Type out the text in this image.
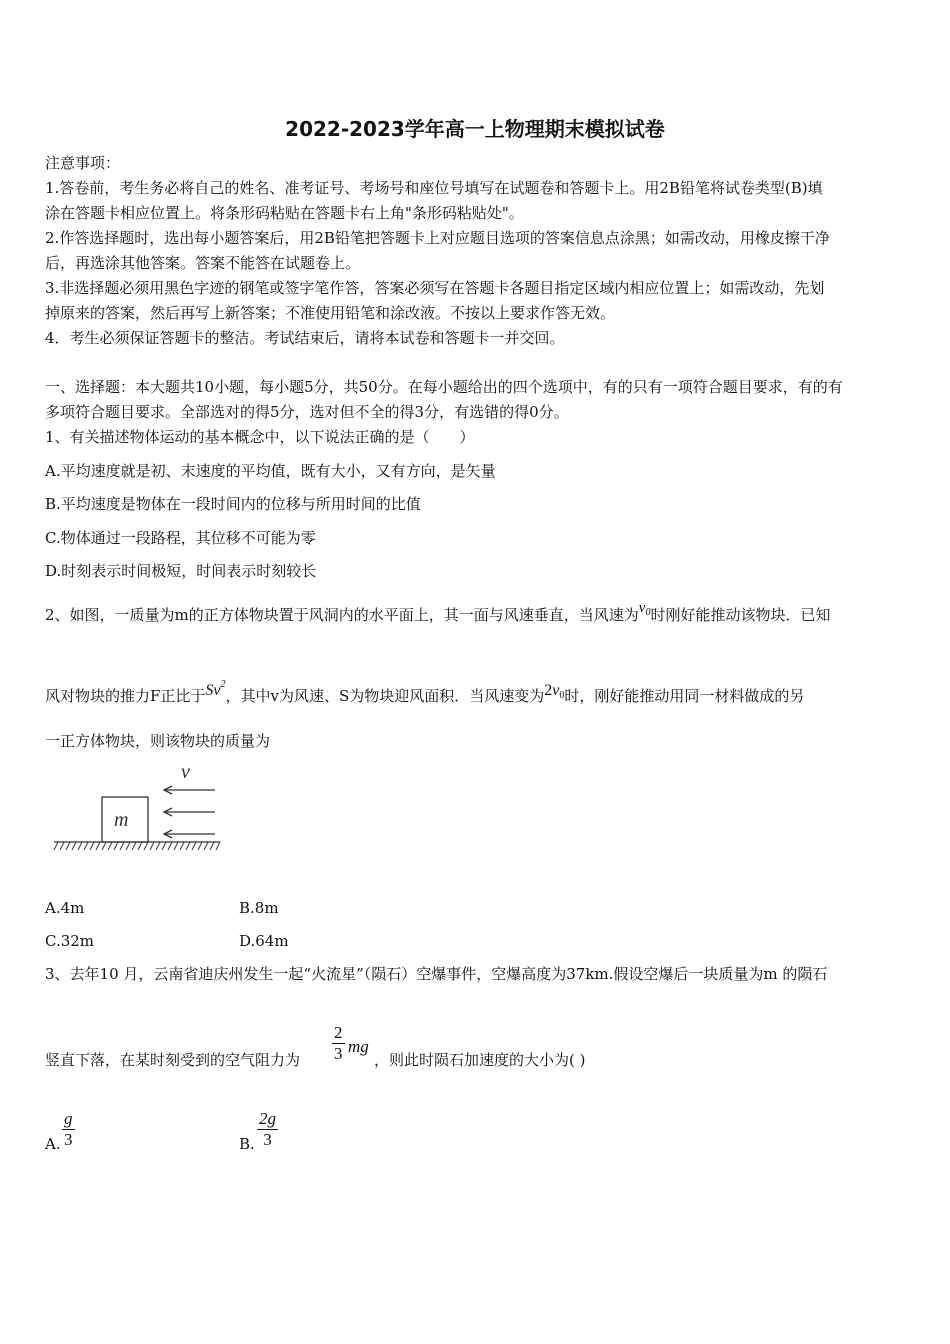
2022-2023学年高一上物理期末模拟试卷
注意事项：
1.答卷前，考生务必将自己的姓名、准考证号、考场号和座位号填写在试题卷和答题卡上。用2B铅笔将试卷类型(B)填
涂在答题卡相应位置上。将条形码粘贴在答题卡右上角"条形码粘贴处"。
2.作答选择题时，选出每小题答案后，用2B铅笔把答题卡上对应题目选项的答案信息点涂黑；如需改动，用橡皮擦干净
后，再选涂其他答案。答案不能答在试题卷上。
3.非选择题必须用黑色字迹的钢笔或签字笔作答，答案必须写在答题卡各题目指定区域内相应位置上；如需改动，先划
掉原来的答案，然后再写上新答案；不准使用铅笔和涂改液。不按以上要求作答无效。
4．考生必须保证答题卡的整洁。考试结束后，请将本试卷和答题卡一并交回。
一、选择题：本大题共10小题，每小题5分，共50分。在每小题给出的四个选项中，有的只有一项符合题目要求，有的有
多项符合题目要求。全部选对的得5分，选对但不全的得3分，有选错的得0分。
1、有关描述物体运动的基本概念中，以下说法正确的是（　　）
A.平均速度就是初、末速度的平均值，既有大小，又有方向，是矢量
B.平均速度是物体在一段时间内的位移与所用时间的比值
C.物体通过一段路程，其位移不可能为零
D.时刻表示时间极短，时间表示时刻较长
2、如图，一质量为m的正方体物块置于风洞内的水平面上，其一面与风速垂直，当风速为$v_0$时刚好能推动该物块．已知
风对物块的推力F正比于Sv$^2$，其中v为风速、S为物块迎风面积．当风速变为$2v_0$时，刚好能推动用同一材料做成的另
一正方体物块，则该物块的质量为
v
m
A.4m	B.8m
C.32m	D.64m
3、去年10 月，云南省迪庆州发生一起“火流星”（陨石）空爆事件，空爆高度为37km.假设空爆后一块质量为m 的陨石
竖直下落，在某时刻受到的空气阻力为 $\frac{2}{3}$ mg
，则此时陨石加速度的大小为( )
A. $\frac{g}{3}$	B. $\frac{2g}{3}$
